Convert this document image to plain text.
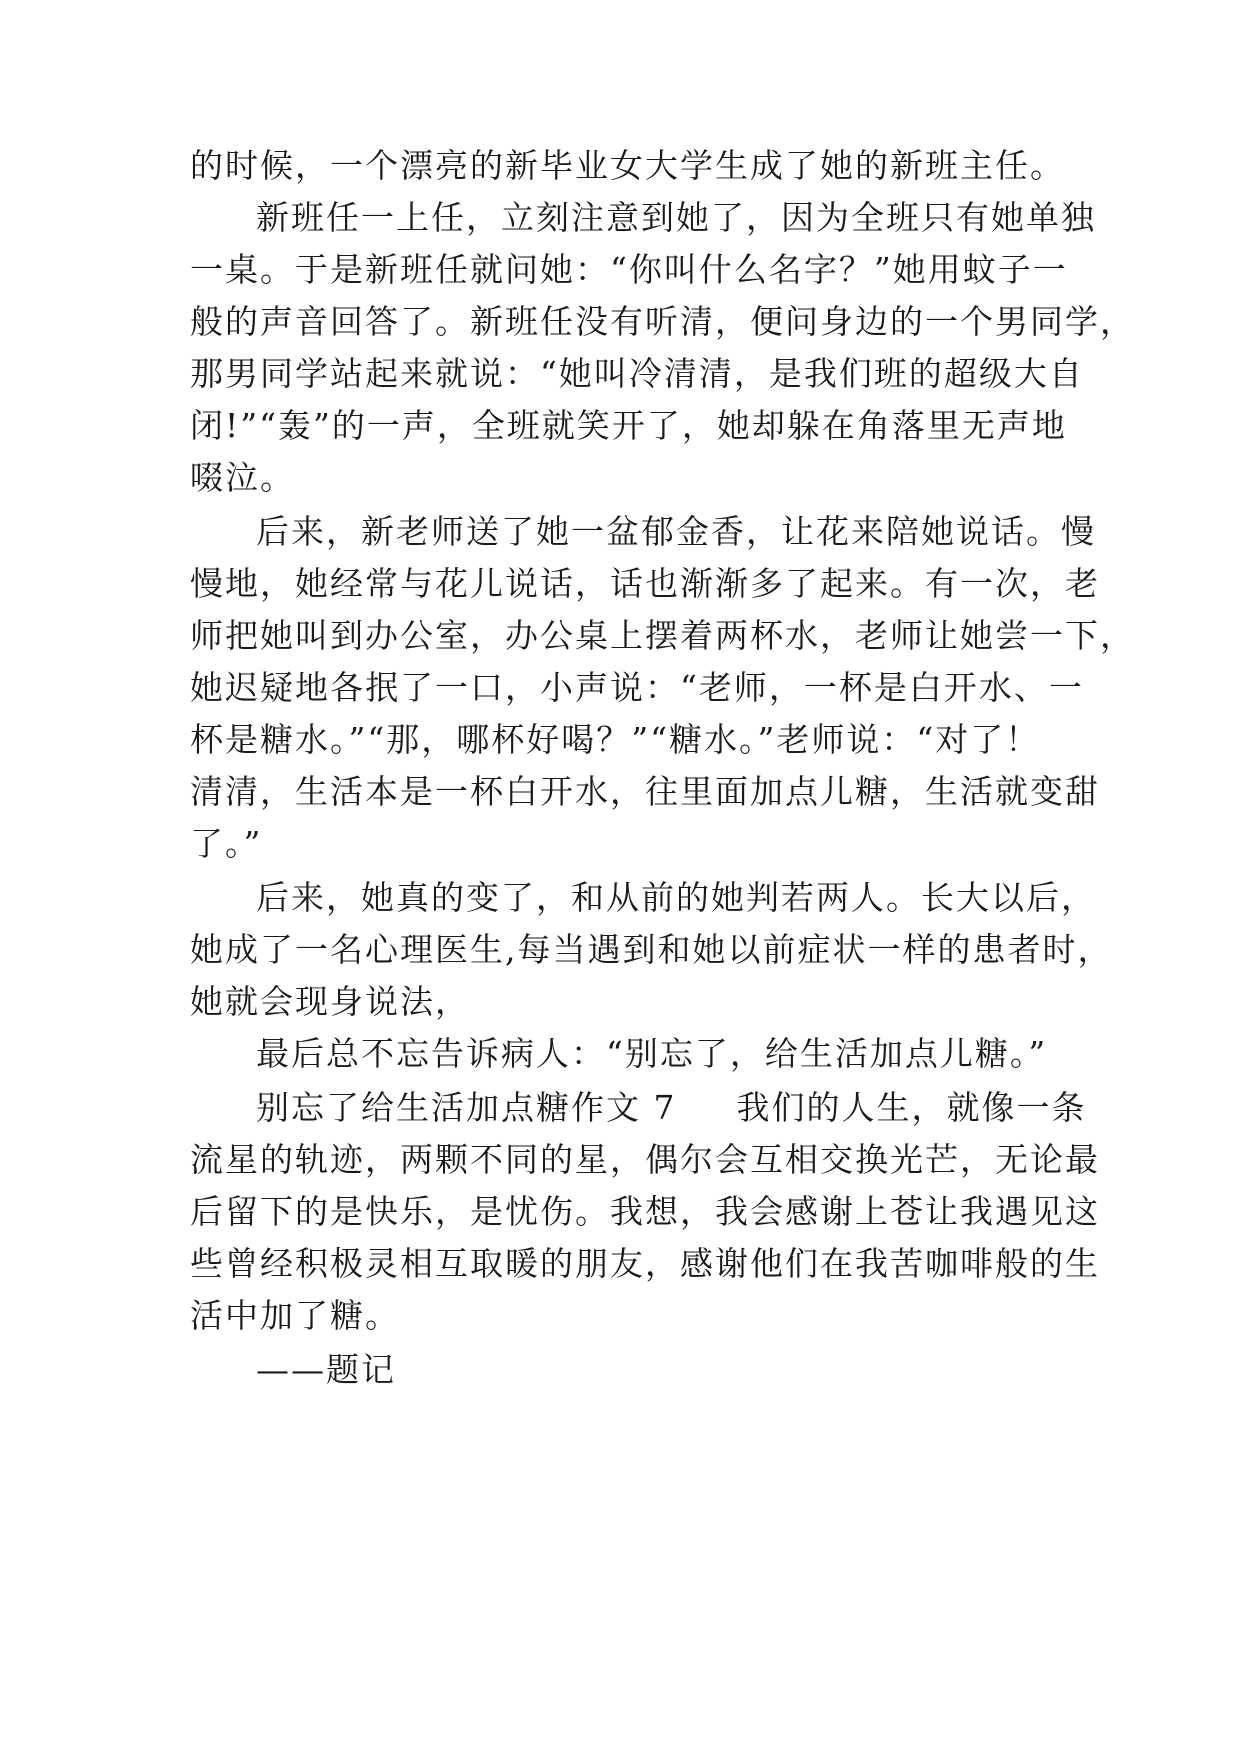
的时候，一个漂亮的新毕业女大学生成了她的新班主任。
新班任一上任，立刻注意到她了，因为全班只有她单独
一桌。于是新班任就问她：“你叫什么名字？”她用蚊子一
般的声音回答了。新班任没有听清，便问身边的一个男同学，
那男同学站起来就说：“她叫冷清清，是我们班的超级大自
闭!”“轰”的一声，全班就笑开了，她却躲在角落里无声地
啜泣。
后来，新老师送了她一盆郁金香，让花来陪她说话。慢
慢地，她经常与花儿说话，话也渐渐多了起来。有一次，老
师把她叫到办公室，办公桌上摆着两杯水，老师让她尝一下，
她迟疑地各抿了一口，小声说：“老师，一杯是白开水、一
杯是糖水。”“那，哪杯好喝？”“糖水。”老师说：“对了！
清清，生活本是一杯白开水，往里面加点儿糖，生活就变甜
了。”
后来，她真的变了，和从前的她判若两人。长大以后，
她成了一名心理医生,每当遇到和她以前症状一样的患者时，
她就会现身说法，
最后总不忘告诉病人：“别忘了，给生活加点儿糖。”
别忘了给生活加点糖作文 7 我们的人生，就像一条
流星的轨迹，两颗不同的星，偶尔会互相交换光芒，无论最
后留下的是快乐，是忧伤。我想，我会感谢上苍让我遇见这
些曾经积极灵相互取暖的朋友，感谢他们在我苦咖啡般的生
活中加了糖。
——题记
